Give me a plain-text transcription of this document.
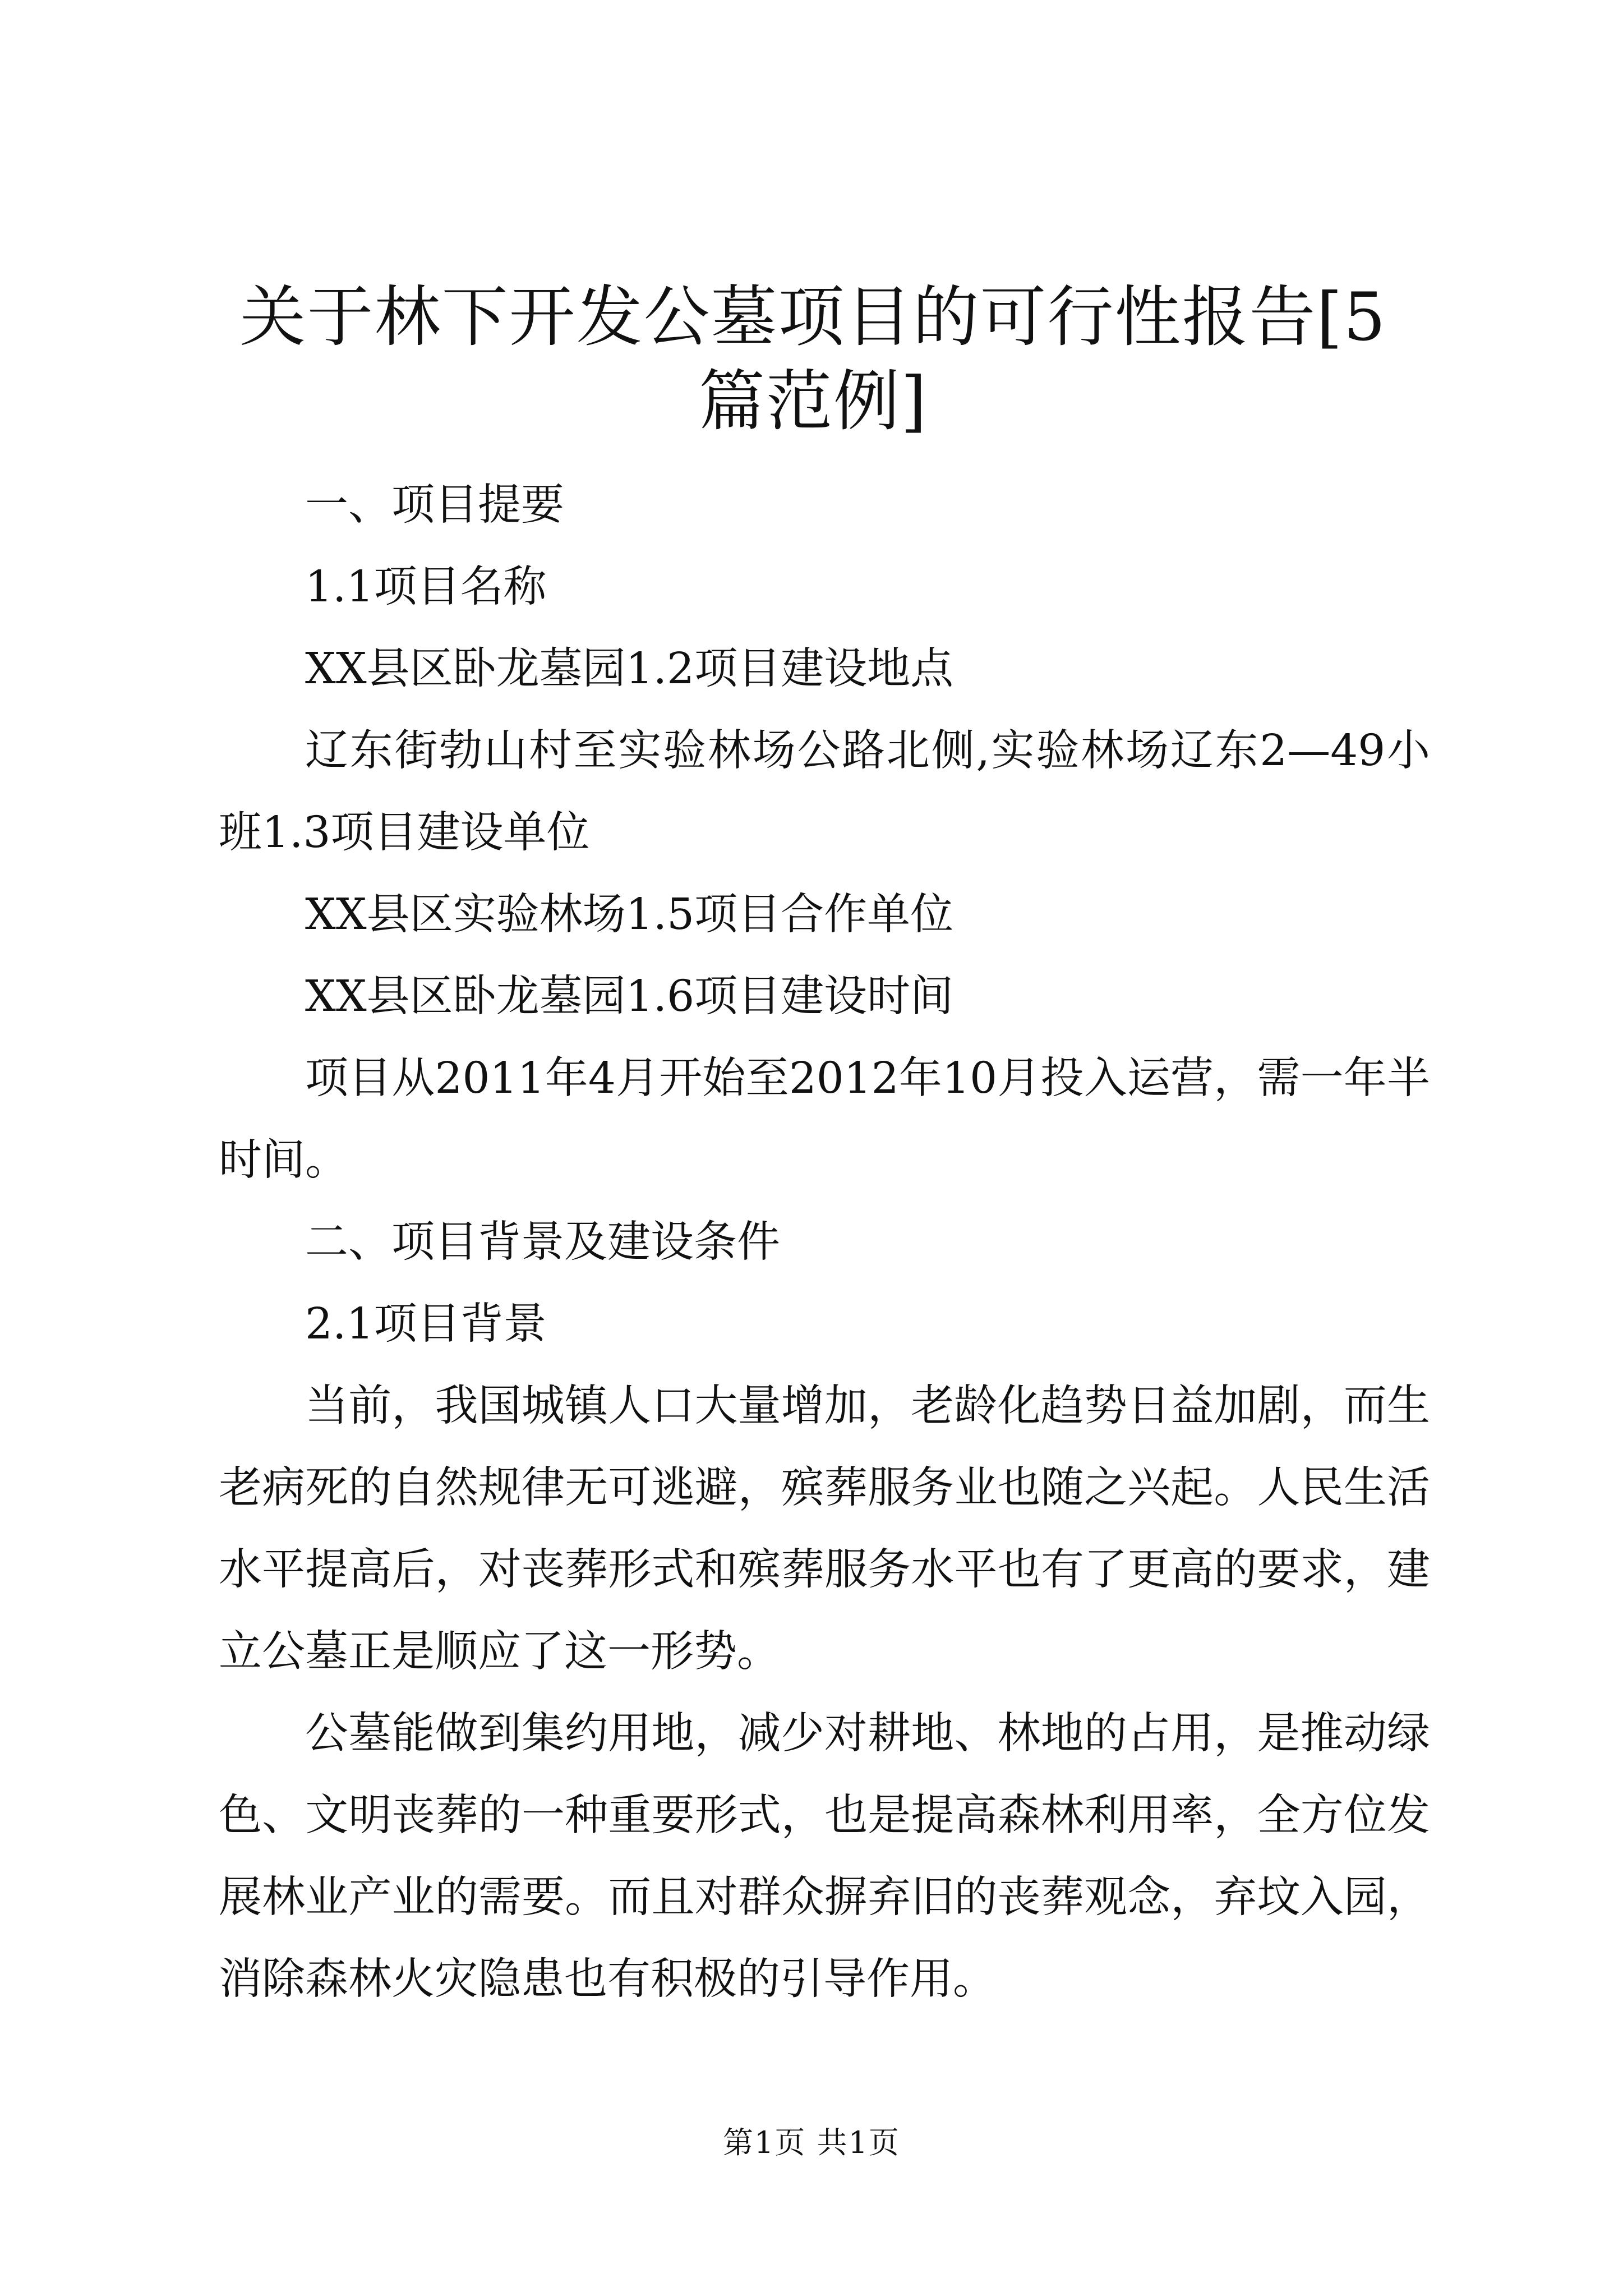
关于林下开发公墓项目的可行性报告[5篇范例]

一、项目提要

1.1项目名称

XX县区卧龙墓园1.2项目建设地点

辽东街勃山村至实验林场公路北侧,实验林场辽东2—49小班1.3项目建设单位

XX县区实验林场1.5项目合作单位

XX县区卧龙墓园1.6项目建设时间

项目从2011年4月开始至2012年10月投入运营，需一年半时间。

二、项目背景及建设条件

2.1项目背景

当前，我国城镇人口大量增加，老龄化趋势日益加剧，而生老病死的自然规律无可逃避，殡葬服务业也随之兴起。人民生活水平提高后，对丧葬形式和殡葬服务水平也有了更高的要求，建立公墓正是顺应了这一形势。

公墓能做到集约用地，减少对耕地、林地的占用，是推动绿色、文明丧葬的一种重要形式，也是提高森林利用率，全方位发展林业产业的需要。而且对群众摒弃旧的丧葬观念，弃坟入园，消除森林火灾隐患也有积极的引导作用。

第1页 共1页
